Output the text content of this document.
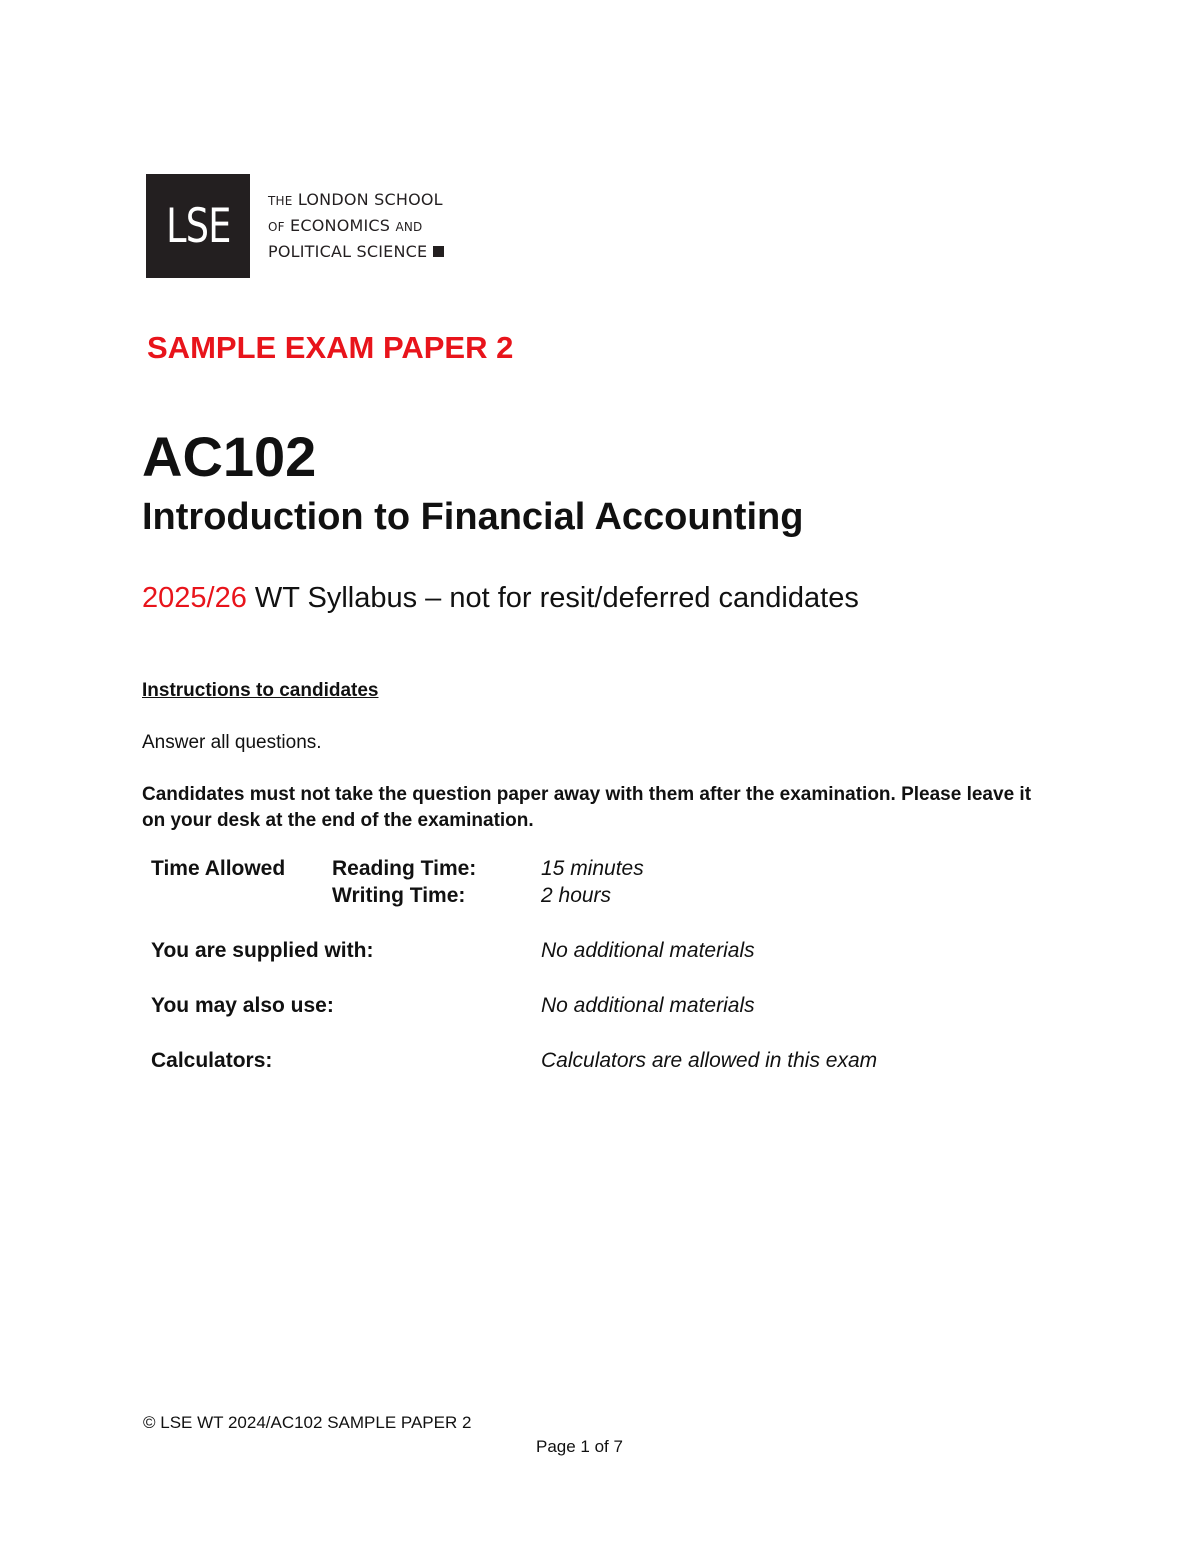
LSE	THE LONDON SCHOOL
OF ECONOMICS AND
POLITICAL SCIENCE
SAMPLE EXAM PAPER 2
AC102
Introduction to Financial Accounting
2025/26 WT Syllabus – not for resit/deferred candidates
Instructions to candidates
Answer all questions.
Candidates must not take the question paper away with them after the examination. Please leave it on your desk at the end of the examination.
Time Allowed Reading Time:	15 minutes
Writing Time:	2 hours
You are supplied with:	No additional materials
You may also use:	No additional materials
Calculators:	Calculators are allowed in this exam
© LSE WT 2024/AC102 SAMPLE PAPER 2
Page 1 of 7
